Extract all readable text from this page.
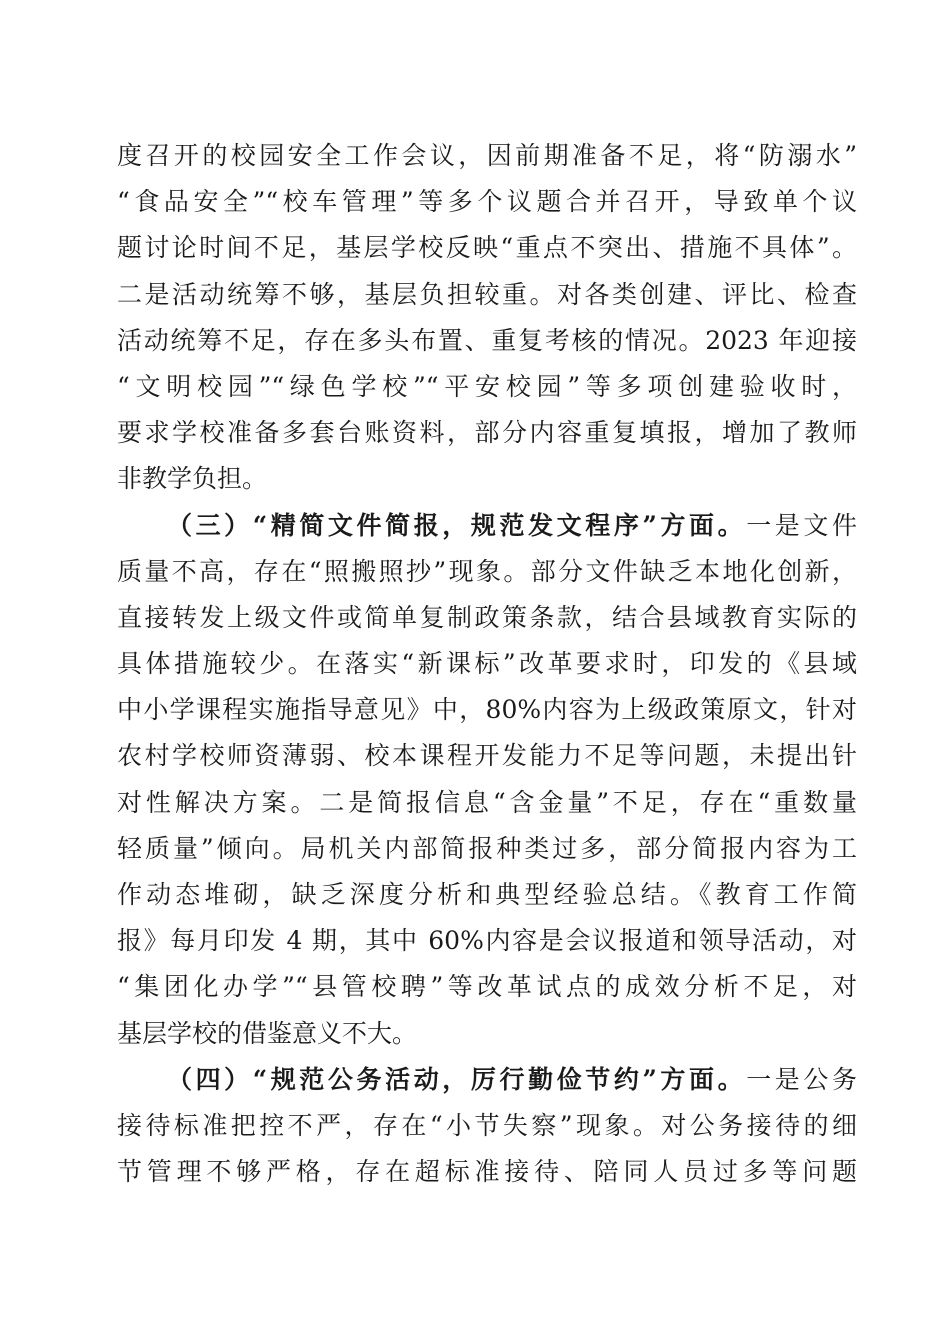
度召开的校园安全工作会议，因前期准备不足，将“防溺水”
“食品安全”“校车管理”等多个议题合并召开，导致单个议
题讨论时间不足，基层学校反映“重点不突出、措施不具体”。
二是活动统筹不够，基层负担较重。对各类创建、评比、检查
活动统筹不足，存在多头布置、重复考核的情况。2023 年迎接
“文明校园”“绿色学校”“平安校园”等多项创建验收时，
要求学校准备多套台账资料，部分内容重复填报，增加了教师
非教学负担。
（三）“精简文件简报，规范发文程序”方面。一是文件
质量不高，存在“照搬照抄”现象。部分文件缺乏本地化创新，
直接转发上级文件或简单复制政策条款，结合县域教育实际的
具体措施较少。在落实“新课标”改革要求时，印发的《县域
中小学课程实施指导意见》中，80%内容为上级政策原文，针对
农村学校师资薄弱、校本课程开发能力不足等问题，未提出针
对性解决方案。二是简报信息“含金量”不足，存在“重数量
轻质量”倾向。局机关内部简报种类过多，部分简报内容为工
作动态堆砌，缺乏深度分析和典型经验总结。《教育工作简
报》每月印发 4 期，其中 60%内容是会议报道和领导活动，对
“集团化办学”“县管校聘”等改革试点的成效分析不足，对
基层学校的借鉴意义不大。
（四）“规范公务活动，厉行勤俭节约”方面。一是公务
接待标准把控不严，存在“小节失察”现象。对公务接待的细
节管理不够严格，存在超标准接待、陪同人员过多等问题
